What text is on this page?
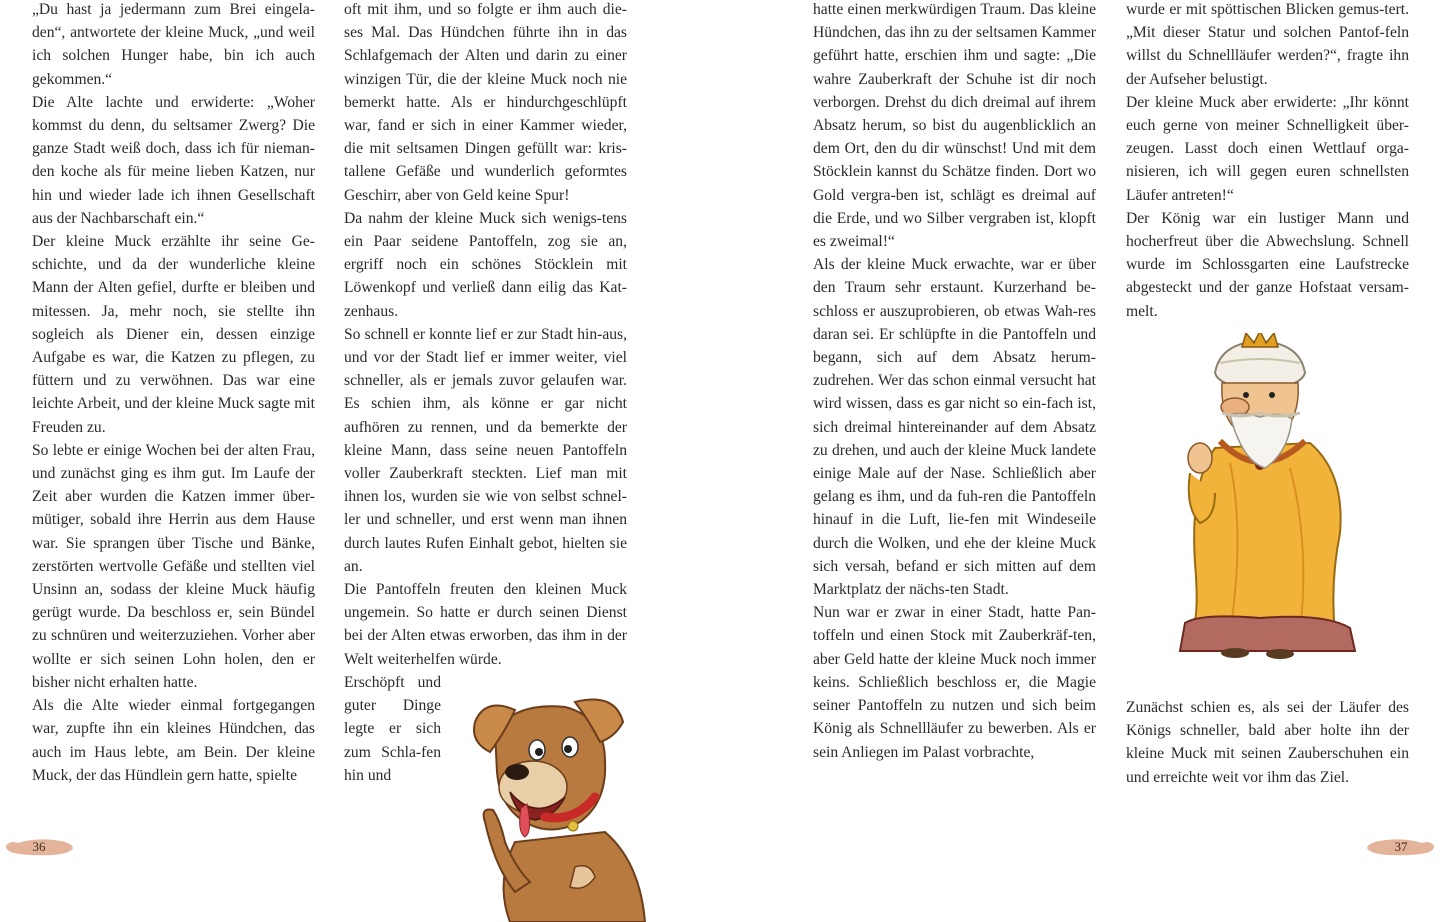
„Du hast ja jedermann zum Brei eingela-den“, antwortete der kleine Muck, „und weil ich solchen Hunger habe, bin ich auch gekommen.“

Die Alte lachte und erwiderte: „Woher kommst du denn, du seltsamer Zwerg? Die ganze Stadt weiß doch, dass ich für nieman-den koche als für meine lieben Katzen, nur hin und wieder lade ich ihnen Gesellschaft aus der Nachbarschaft ein.“

Der kleine Muck erzählte ihr seine Ge-schichte, und da der wunderliche kleine Mann der Alten gefiel, durfte er bleiben und mitessen. Ja, mehr noch, sie stellte ihn sogleich als Diener ein, dessen einzige Aufgabe es war, die Katzen zu pflegen, zu füttern und zu verwöhnen. Das war eine leichte Arbeit, und der kleine Muck sagte mit Freuden zu.

So lebte er einige Wochen bei der alten Frau, und zunächst ging es ihm gut. Im Laufe der Zeit aber wurden die Katzen immer über-mütiger, sobald ihre Herrin aus dem Hause war. Sie sprangen über Tische und Bänke, zerstörten wertvolle Gefäße und stellten viel Unsinn an, sodass der kleine Muck häufig gerügt wurde. Da beschloss er, sein Bündel zu schnüren und weiterzuziehen. Vorher aber wollte er sich seinen Lohn holen, den er bisher nicht erhalten hatte.

Als die Alte wieder einmal fortgegangen war, zupfte ihn ein kleines Hündchen, das auch im Haus lebte, am Bein. Der kleine Muck, der das Hündlein gern hatte, spielte

oft mit ihm, und so folgte er ihm auch die-ses Mal. Das Hündchen führte ihn in das Schlafgemach der Alten und darin zu einer winzigen Tür, die der kleine Muck noch nie bemerkt hatte. Als er hindurchgeschlüpft war, fand er sich in einer Kammer wieder, die mit seltsamen Dingen gefüllt war: kris-tallene Gefäße und wunderlich geformtes Geschirr, aber von Geld keine Spur!

Da nahm der kleine Muck sich wenigs-tens ein Paar seidene Pantoffeln, zog sie an, ergriff noch ein schönes Stöcklein mit Löwenkopf und verließ dann eilig das Kat-zenhaus.

So schnell er konnte lief er zur Stadt hin-aus, und vor der Stadt lief er immer weiter, viel schneller, als er jemals zuvor gelaufen war. Es schien ihm, als könne er gar nicht aufhören zu rennen, und da bemerkte der kleine Mann, dass seine neuen Pantoffeln voller Zauberkraft steckten. Lief man mit ihnen los, wurden sie wie von selbst schnel-ler und schneller, und erst wenn man ihnen durch lautes Rufen Einhalt gebot, hielten sie an.

Die Pantoffeln freuten den kleinen Muck ungemein. So hatte er durch seinen Dienst bei der Alten etwas erworben, das ihm in der Welt weiterhelfen würde.

Erschöpft und guter Dinge legte er sich zum Schla-fen hin und

36

hatte einen merkwürdigen Traum. Das kleine Hündchen, das ihn zu der seltsamen Kammer geführt hatte, erschien ihm und sagte: „Die wahre Zauberkraft der Schuhe ist dir noch verborgen. Drehst du dich dreimal auf ihrem Absatz herum, so bist du augenblicklich an dem Ort, den du dir wünschst! Und mit dem Stöcklein kannst du Schätze finden. Dort wo Gold vergra-ben ist, schlägt es dreimal auf die Erde, und wo Silber vergraben ist, klopft es zweimal!“

Als der kleine Muck erwachte, war er über den Traum sehr erstaunt. Kurzerhand be-schloss er auszuprobieren, ob etwas Wah-res daran sei. Er schlüpfte in die Pantoffeln und begann, sich auf dem Absatz herum-zudrehen. Wer das schon einmal versucht hat wird wissen, dass es gar nicht so ein-fach ist, sich dreimal hintereinander auf dem Absatz zu drehen, und auch der kleine Muck landete einige Male auf der Nase. Schließlich aber gelang es ihm, und da fuh-ren die Pantoffeln hinauf in die Luft, lie-fen mit Windeseile durch die Wolken, und ehe der kleine Muck sich versah, befand er sich mitten auf dem Marktplatz der nächs-ten Stadt.

Nun war er zwar in einer Stadt, hatte Pan-toffeln und einen Stock mit Zauberkräf-ten, aber Geld hatte der kleine Muck noch immer keins. Schließlich beschloss er, die Magie seiner Pantoffeln zu nutzen und sich beim König als Schnellläufer zu bewerben. Als er sein Anliegen im Palast vorbrachte,

wurde er mit spöttischen Blicken gemus-tert. „Mit dieser Statur und solchen Pantof-feln willst du Schnellläufer werden?“, fragte ihn der Aufseher belustigt.

Der kleine Muck aber erwiderte: „Ihr könnt euch gerne von meiner Schnelligkeit über-zeugen. Lasst doch einen Wettlauf orga-nisieren, ich will gegen euren schnellsten Läufer antreten!“

Der König war ein lustiger Mann und hocherfreut über die Abwechslung. Schnell wurde im Schlossgarten eine Laufstrecke abgesteckt und der ganze Hofstaat versam-melt.

Zunächst schien es, als sei der Läufer des Königs schneller, bald aber holte ihn der kleine Muck mit seinen Zauberschuhen ein und erreichte weit vor ihm das Ziel.

37
